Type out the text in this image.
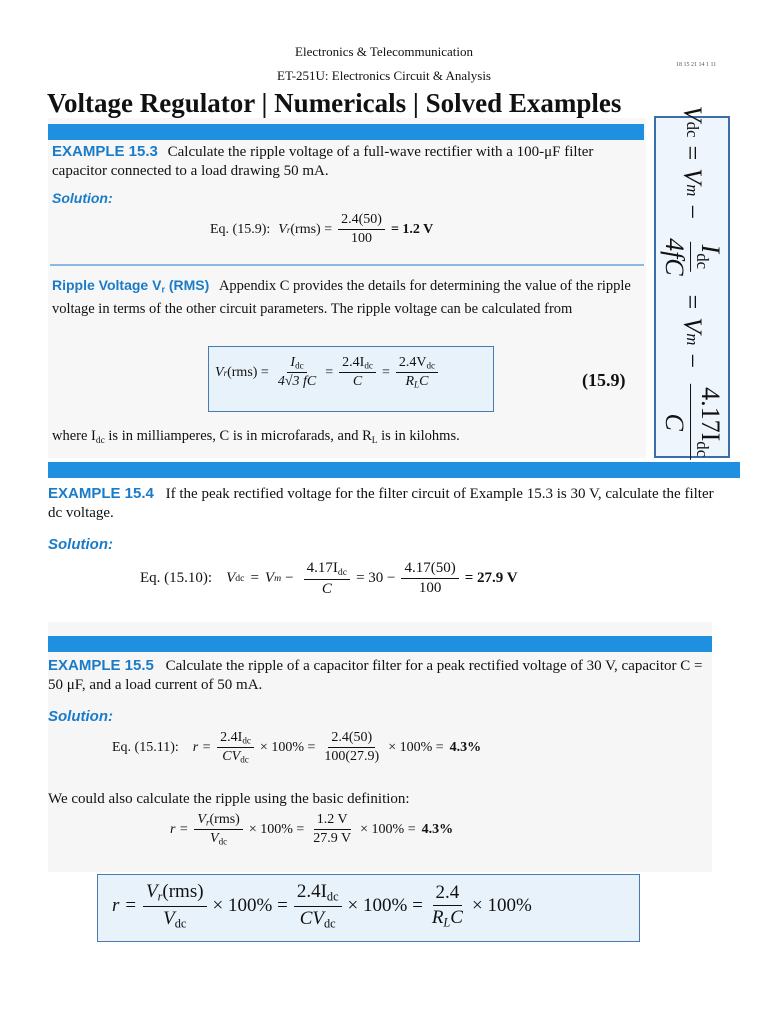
Electronics & Telecommunication
18 15 21 14 1 11
ET-251U: Electronics Circuit & Analysis
Voltage Regulator | Numericals | Solved Examples V
dc
=
V
m
−
$I_{dc}$
4fC
=
V
m
−
$4.17I_{dc}$
C
EXAMPLE 15.3 Calculate the ripple voltage of a full-wave rectifier with a 100-μF filter capacitor connected to a load drawing 50 mA.
Solution:
Eq. (15.9): V r $(rms) = \frac{2.4(50)}{100} = 1.2$ V
Ripple Voltage $V_r$ (RMS) Appendix C provides the details for determining the value of the ripple voltage in terms of the other circuit parameters. The ripple voltage can be calculated from
V r $(rms) = \frac{I_{dc}}{4√3 fC} = \frac{2.4I_{dc}}{C} = \frac{2.4V_{dc}}{R_LC}$	(15.9)
where $I_{dc}$ is in milliamperes, C is in microfarads, and $R_L$ is in kilohms.
EXAMPLE 15.4 If the peak rectified voltage for the filter circuit of Example 15.3 is 30 V, calculate the filter dc voltage.
Solution:
Eq. (15.10): V dc = V $m - \frac{4.17I_{dc}}{C} = 30 - \frac{4.17(50)}{100} = 27.9$ V
EXAMPLE 15.5 Calculate the ripple of a capacitor filter for a peak rectified voltage of 30 V, capacitor C = 50 μF, and a load current of 50 mA.
Solution:
Eq. (15.11): $r = \frac{2.4I_{dc}}{CV_{dc}} \times 100\% = \frac{2.4(50)}{100(27.9)} \times 100\% = 4.3\%$
We could also calculate the ripple using the basic definition:
$r = \frac{V_r(rms)}{V_{dc}} \times 100\% = \frac{1.2 V}{27.9 V} \times 100\% = 4.3\%$
$r = \frac{V_r(rms)}{V_{dc}} \times 100\% = \frac{2.4I_{dc}}{CV_{dc}} \times 100\% = \frac{2.4}{R_LC} \times 100\%$
